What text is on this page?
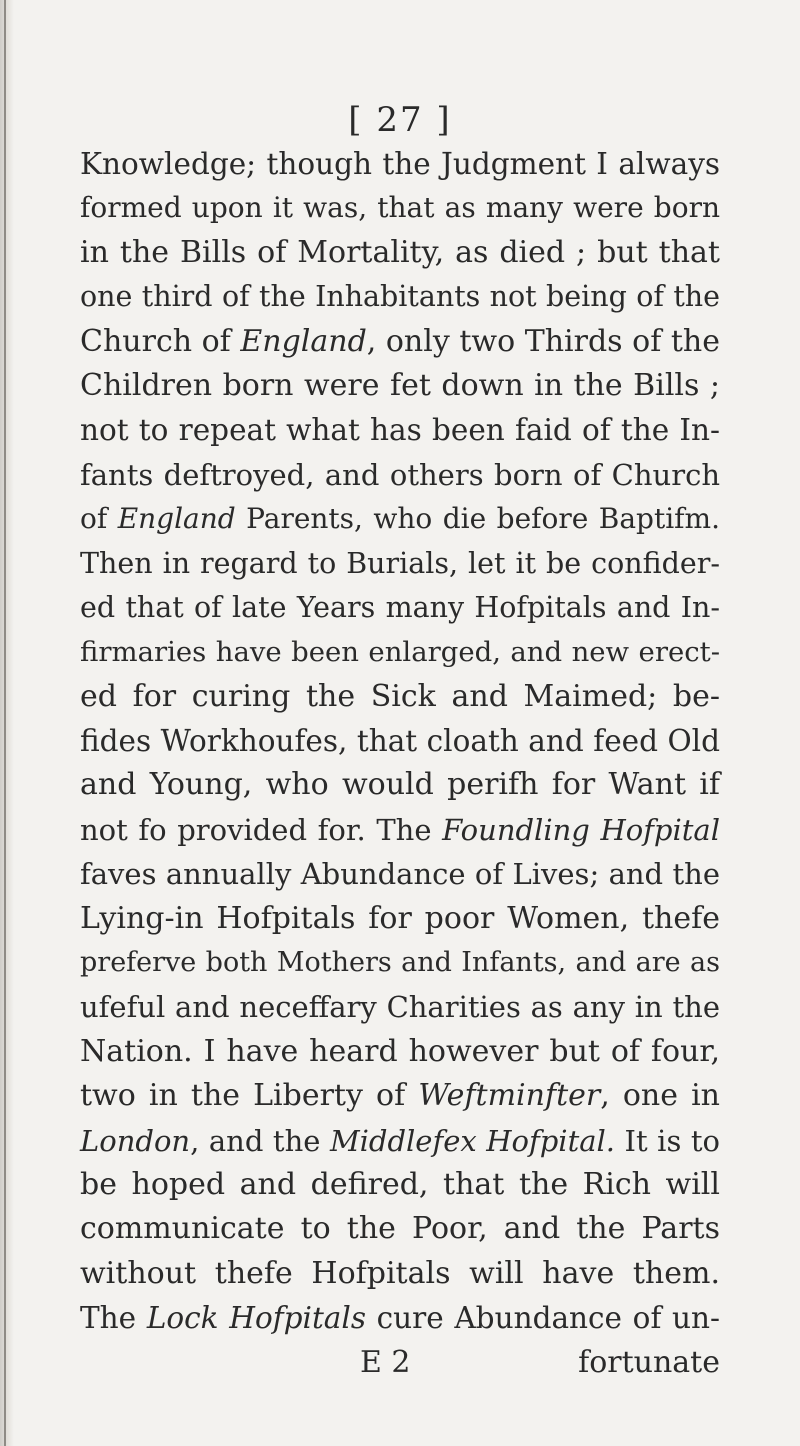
[ 27 ]
Knowledge; though the Judgment I always
formed upon it was, that as many were born
in the Bills of Mortality, as died ; but that
one third of the Inhabitants not being of the
Church of England, only two Thirds of the
Children born were fet down in the Bills ;
not to repeat what has been faid of the In-
fants deftroyed, and others born of Church
of England Parents, who die before Baptifm.
Then in regard to Burials, let it be confider-
ed that of late Years many Hofpitals and In-
firmaries have been enlarged, and new erect-
ed for curing the Sick and Maimed; be-
fides Workhoufes, that cloath and feed Old
and Young, who would perifh for Want if
not fo provided for. The Foundling Hofpital
faves annually Abundance of Lives; and the
Lying-in Hofpitals for poor Women, thefe
preferve both Mothers and Infants, and are as
ufeful and neceffary Charities as any in the
Nation. I have heard however but of four,
two in the Liberty of Weftminfter, one in
London, and the Middlefex Hofpital. It is to
be hoped and defired, that the Rich will
communicate to the Poor, and the Parts
without thefe Hofpitals will have them.
The Lock Hofpitals cure Abundance of un-
E 2	fortunate
